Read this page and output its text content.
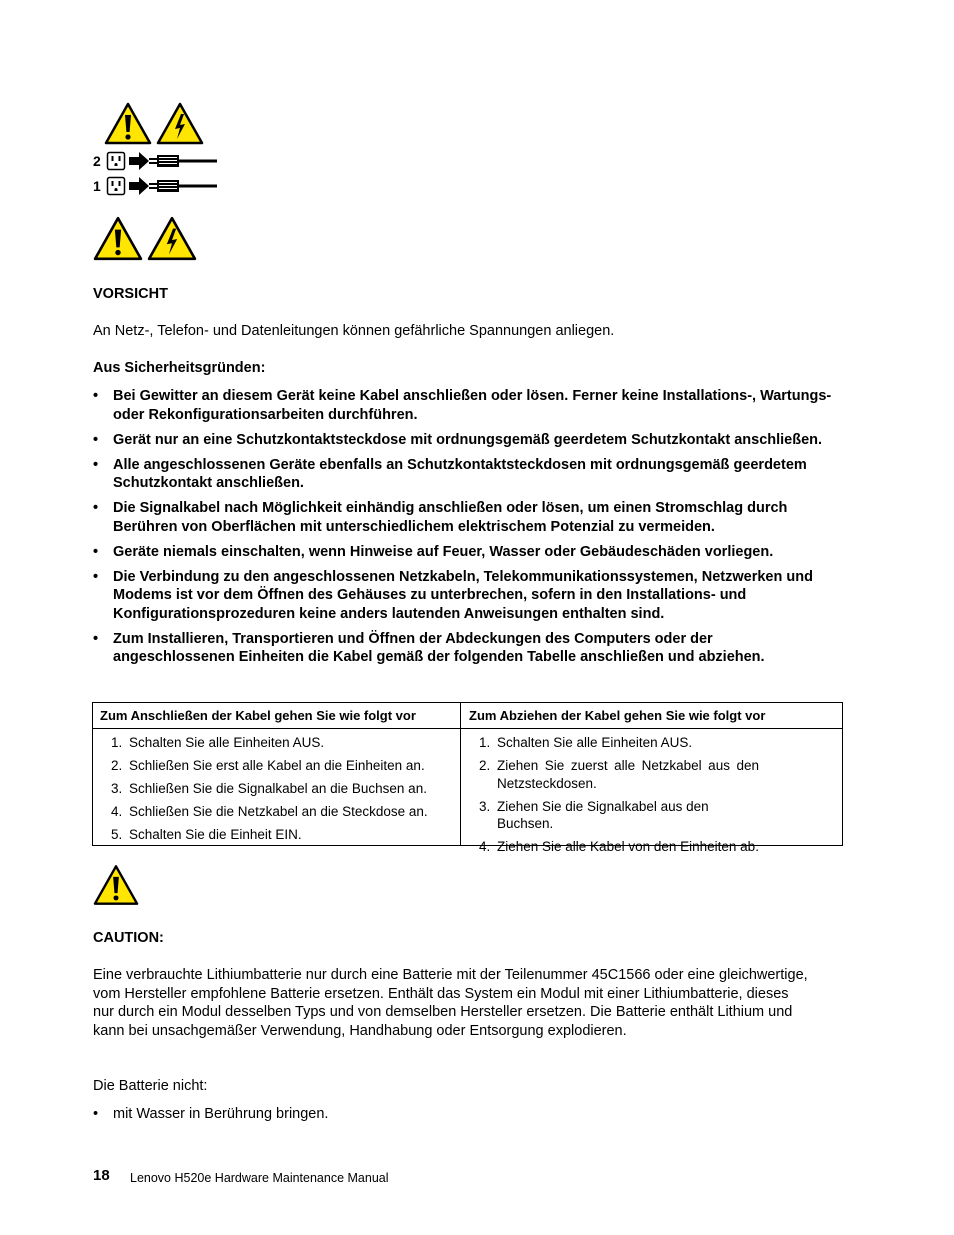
2
1
VORSICHT
An Netz-, Telefon- und Datenleitungen können gefährliche Spannungen anliegen.
Aus Sicherheitsgründen:
• Bei Gewitter an diesem Gerät keine Kabel anschließen oder lösen. Ferner keine Installations-, Wartungs- oder Rekonfigurationsarbeiten durchführen.
• Gerät nur an eine Schutzkontaktsteckdose mit ordnungsgemäß geerdetem Schutzkontakt anschließen.
• Alle angeschlossenen Geräte ebenfalls an Schutzkontaktsteckdosen mit ordnungsgemäß geerdetem Schutzkontakt anschließen.
• Die Signalkabel nach Möglichkeit einhändig anschließen oder lösen, um einen Stromschlag durch Berühren von Oberflächen mit unterschiedlichem elektrischem Potenzial zu vermeiden.
• Geräte niemals einschalten, wenn Hinweise auf Feuer, Wasser oder Gebäudeschäden vorliegen.
• Die Verbindung zu den angeschlossenen Netzkabeln, Telekommunikationssystemen, Netzwerken und Modems ist vor dem Öffnen des Gehäuses zu unterbrechen, sofern in den Installations- und Konfigurationsprozeduren keine anders lautenden Anweisungen enthalten sind.
• Zum Installieren, Transportieren und Öffnen der Abdeckungen des Computers oder der angeschlossenen Einheiten die Kabel gemäß der folgenden Tabelle anschließen und abziehen.
Zum Anschließen der Kabel gehen Sie wie folgt vor	Zum Abziehen der Kabel gehen Sie wie folgt vor
1. Schalten Sie alle Einheiten AUS.
2. Schließen Sie erst alle Kabel an die Einheiten an.
3. Schließen Sie die Signalkabel an die Buchsen an.
4. Schließen Sie die Netzkabel an die Steckdose an.
5. Schalten Sie die Einheit EIN.
1. Schalten Sie alle Einheiten AUS.
2. Ziehen Sie zuerst alle Netzkabel aus den Netzsteckdosen.
3. Ziehen Sie die Signalkabel aus den Buchsen.
4. Ziehen Sie alle Kabel von den Einheiten ab.
CAUTION:
Eine verbrauchte Lithiumbatterie nur durch eine Batterie mit der Teilenummer 45C1566 oder eine gleichwertige, vom Hersteller empfohlene Batterie ersetzen. Enthält das System ein Modul mit einer Lithiumbatterie, dieses nur durch ein Modul desselben Typs und von demselben Hersteller ersetzen. Die Batterie enthält Lithium und kann bei unsachgemäßer Verwendung, Handhabung oder Entsorgung explodieren.
Die Batterie nicht:
• mit Wasser in Berührung bringen.
18 Lenovo H520e Hardware Maintenance Manual
